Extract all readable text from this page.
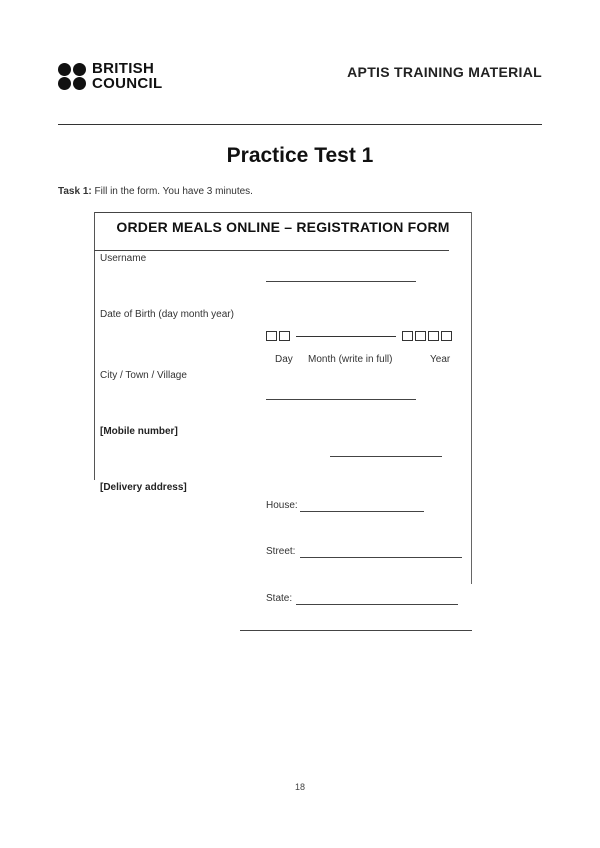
BRITISH
COUNCIL
APTIS TRAINING MATERIAL
Practice Test 1
Task 1: Fill in the form. You have 3 minutes.
ORDER MEALS ONLINE – REGISTRATION FORM
Username
Date of Birth (day month year)
Day Month (write in full)	Year
City / Town / Village
[Mobile number]
[Delivery address]
House:
Street:
State:
18
